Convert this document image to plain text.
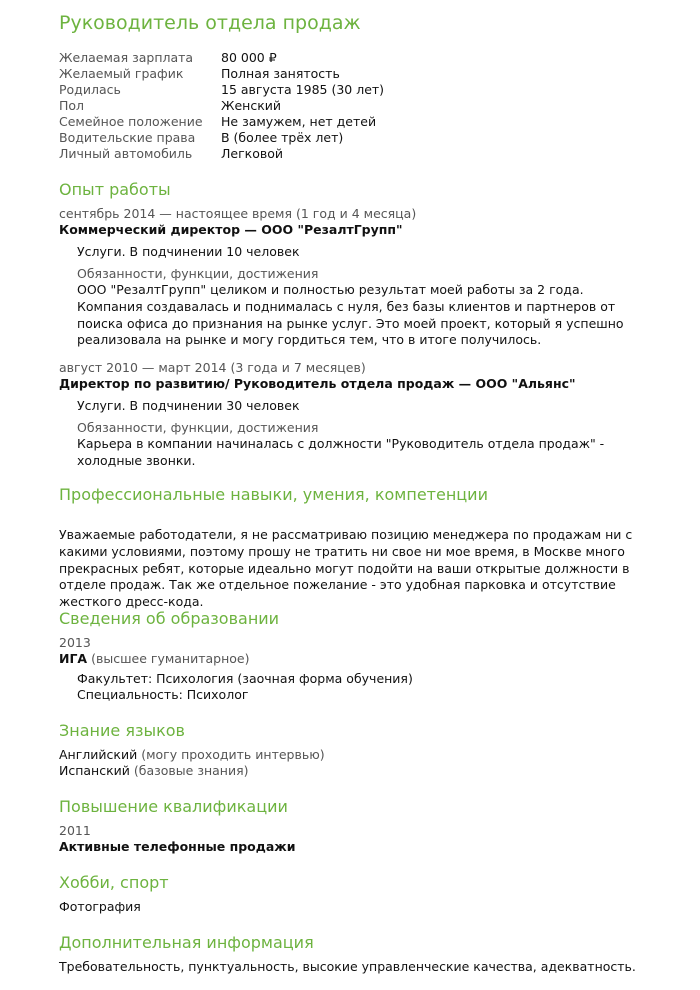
Руководитель отдела продаж
Желаемая зарплата 80 000 ₽
Желаемый график	Полная занятость
Родилась	15 августа 1985 (30 лет)
Пол	Женский
Семейное положение Не замужем, нет детей
Водительские права B (более трёх лет)
Личный автомобиль Легковой
Опыт работы
сентябрь 2014 — настоящее время (1 год и 4 месяца)
Коммерческий директор — ООО "РезалтГрупп"
Услуги. В подчинении 10 человек
Обязанности, функции, достижения
ООО "РезалтГрупп" целиком и полностью результат моей работы за 2 года. Компания создавалась и поднималась с нуля, без базы клиентов и партнеров от поиска офиса до признания на рынке услуг. Это моей проект, который я успешно реализовала на рынке и могу гордиться тем, что в итоге получилось.
август 2010 — март 2014 (3 года и 7 месяцев)
Директор по развитию/ Руководитель отдела продаж — ООО "Альянс"
Услуги. В подчинении 30 человек
Обязанности, функции, достижения
Карьера в компании начиналась с должности "Руководитель отдела продаж" - холодные звонки.
Профессиональные навыки, умения, компетенции
Уважаемые работодатели, я не рассматриваю позицию менеджера по продажам ни с какими условиями, поэтому прошу не тратить ни свое ни мое время, в Москве много прекрасных ребят, которые идеально могут подойти на ваши открытые должности в отделе продаж. Так же отдельное пожелание - это удобная парковка и отсутствие жесткого дресс-кода.
Сведения об образовании
2013
ИГА (высшее гуманитарное)
Факультет: Психология (заочная форма обучения)
Специальность: Психолог
Знание языков
Английский (могу проходить интервью)
Испанский (базовые знания)
Повышение квалификации
2011
Активные телефонные продажи
Хобби, спорт
Фотография
Дополнительная информация
Требовательность, пунктуальность, высокие управленческие качества, адекватность.
